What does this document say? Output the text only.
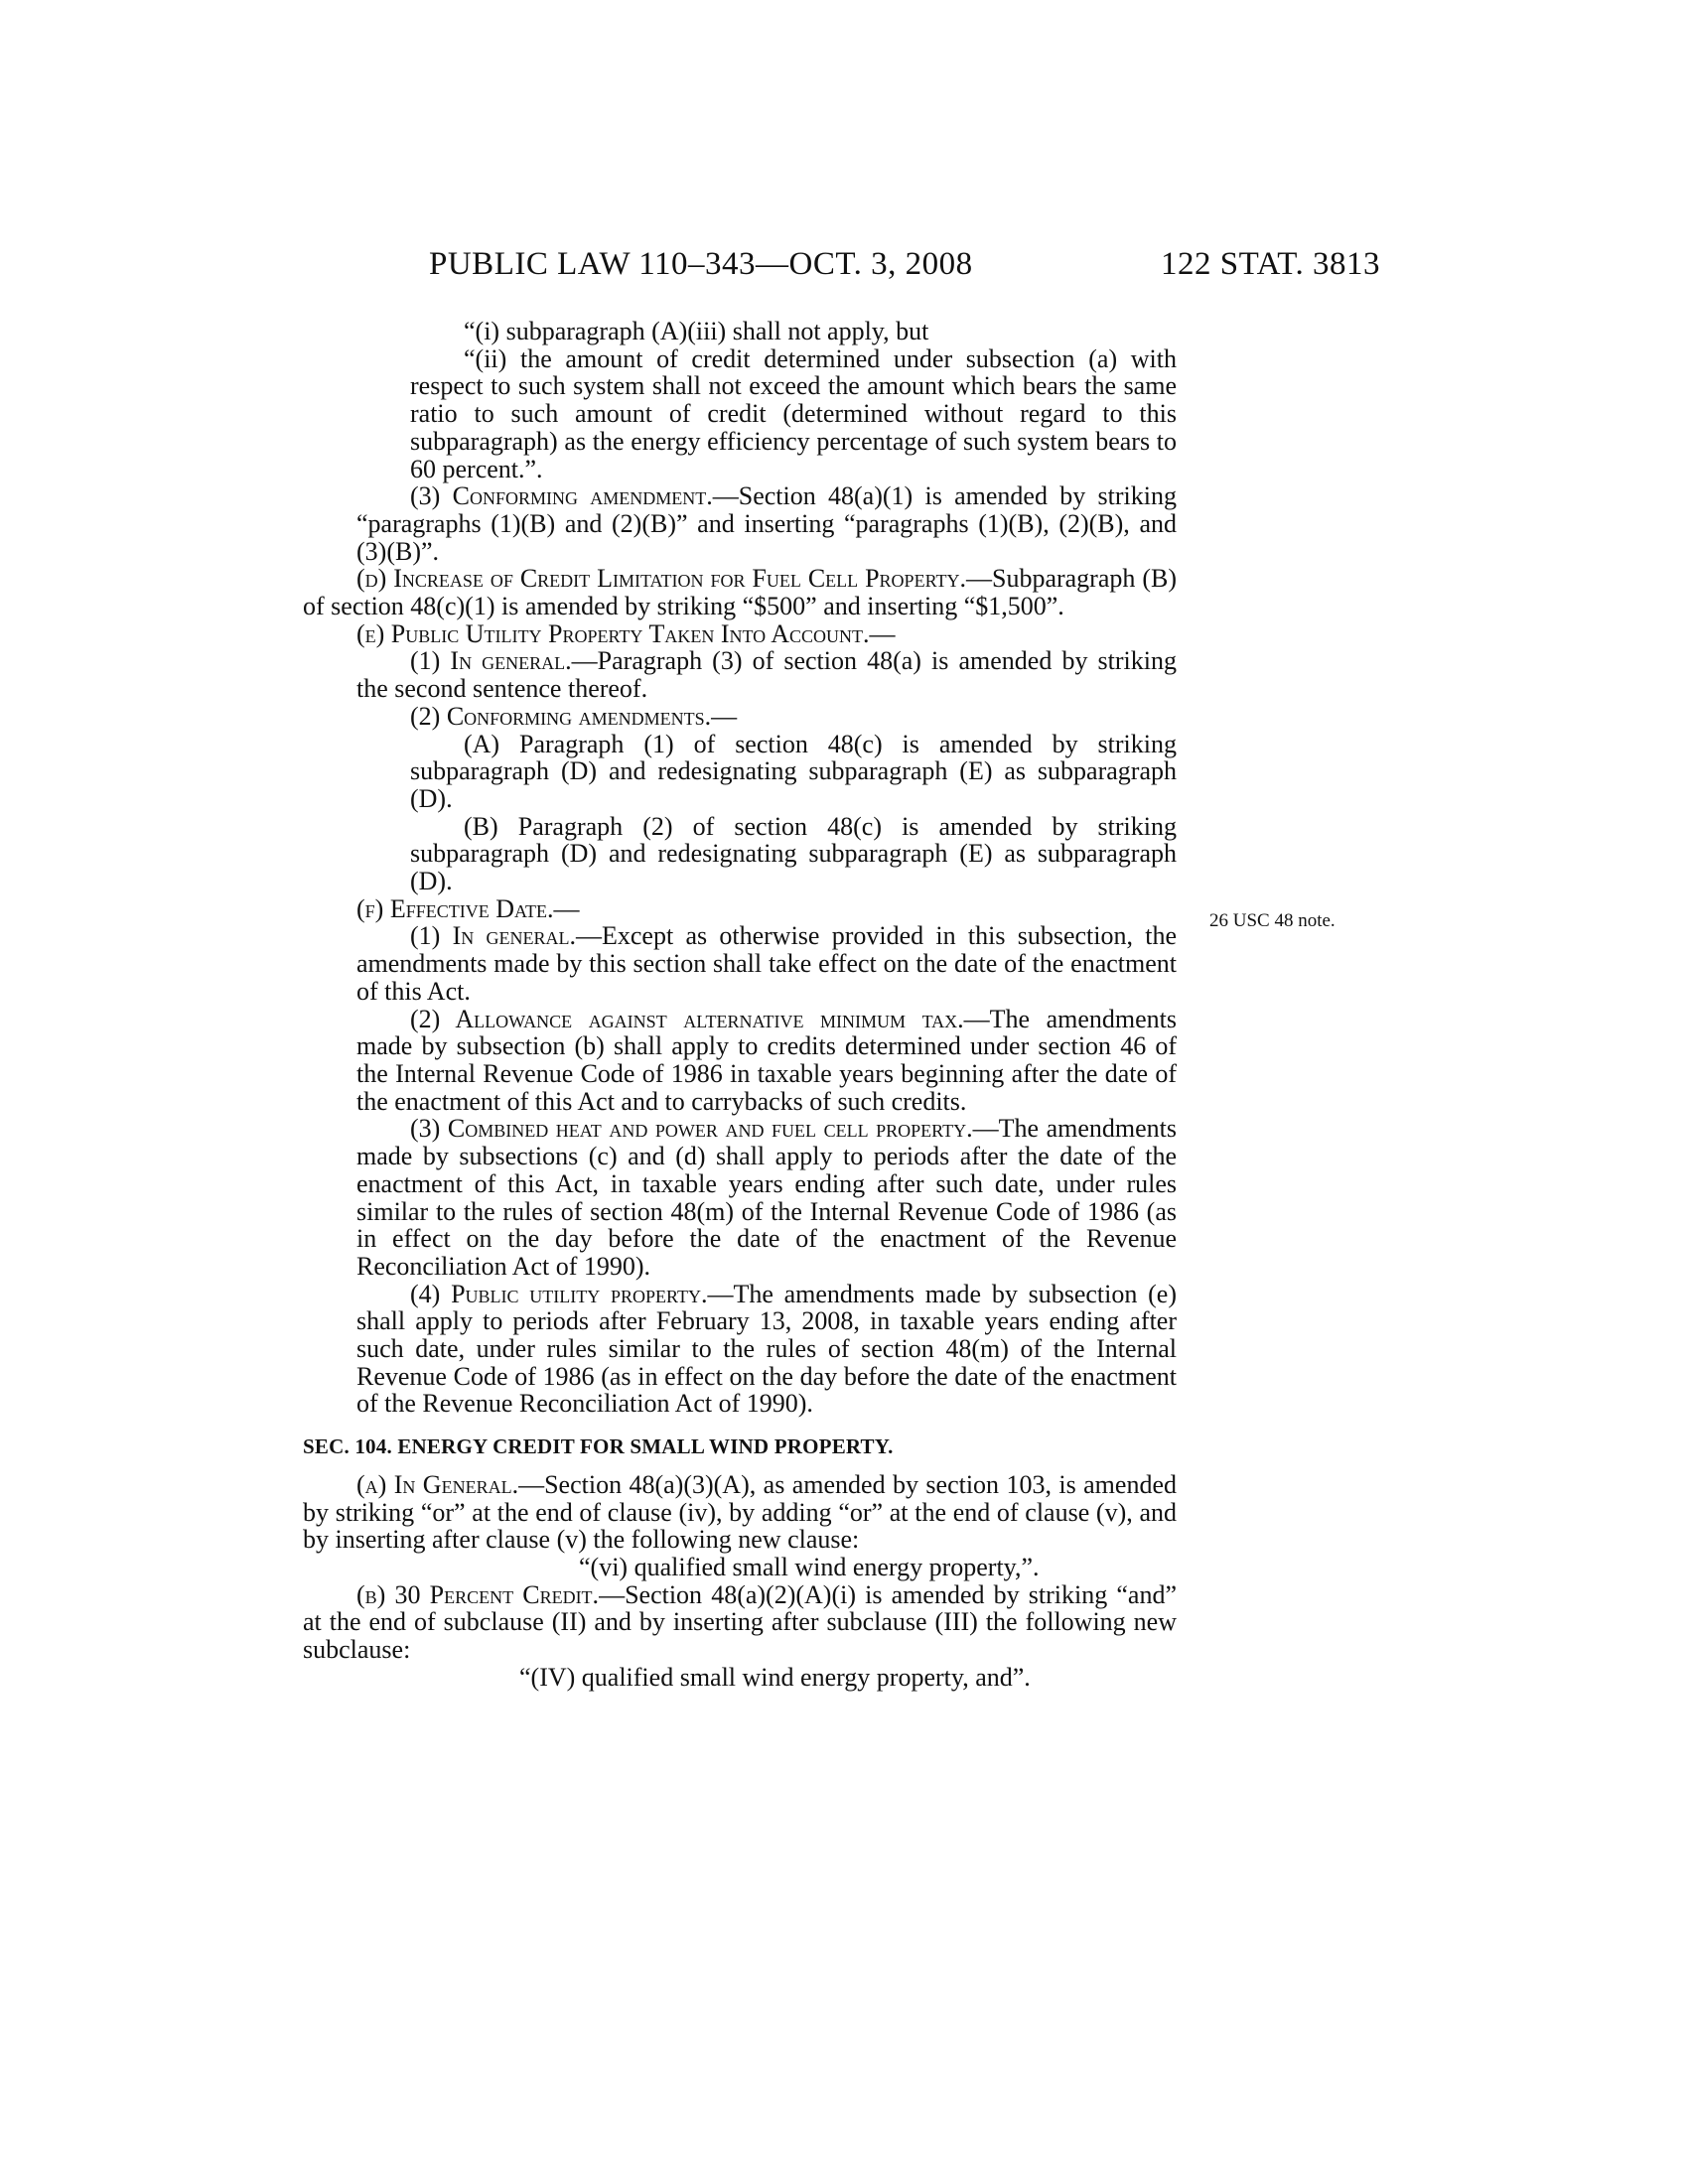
PUBLIC LAW 110–343—OCT. 3, 2008	122 STAT. 3813

“(i) subparagraph (A)(iii) shall not apply, but

“(ii) the amount of credit determined under subsection (a) with respect to such system shall not exceed the amount which bears the same ratio to such amount of credit (determined without regard to this subparagraph) as the energy efficiency percentage of such system bears to 60 percent.”.

(3) Conforming amendment.—Section 48(a)(1) is amended by striking “paragraphs (1)(B) and (2)(B)” and inserting “paragraphs (1)(B), (2)(B), and (3)(B)”.

(d) Increase of Credit Limitation for Fuel Cell Property.—Subparagraph (B) of section 48(c)(1) is amended by striking “$500” and inserting “$1,500”.

(e) Public Utility Property Taken Into Account.—

(1) In general.—Paragraph (3) of section 48(a) is amended by striking the second sentence thereof.

(2) Conforming amendments.—

(A) Paragraph (1) of section 48(c) is amended by striking subparagraph (D) and redesignating subparagraph (E) as subparagraph (D).

(B) Paragraph (2) of section 48(c) is amended by striking subparagraph (D) and redesignating subparagraph (E) as subparagraph (D).

(f) Effective Date.—

(1) In general.—Except as otherwise provided in this subsection, the amendments made by this section shall take effect on the date of the enactment of this Act.

(2) Allowance against alternative minimum tax.—The amendments made by subsection (b) shall apply to credits determined under section 46 of the Internal Revenue Code of 1986 in taxable years beginning after the date of the enactment of this Act and to carrybacks of such credits.

(3) Combined heat and power and fuel cell property.—The amendments made by subsections (c) and (d) shall apply to periods after the date of the enactment of this Act, in taxable years ending after such date, under rules similar to the rules of section 48(m) of the Internal Revenue Code of 1986 (as in effect on the day before the date of the enactment of the Revenue Reconciliation Act of 1990).

(4) Public utility property.—The amendments made by subsection (e) shall apply to periods after February 13, 2008, in taxable years ending after such date, under rules similar to the rules of section 48(m) of the Internal Revenue Code of 1986 (as in effect on the day before the date of the enactment of the Revenue Reconciliation Act of 1990).

SEC. 104. ENERGY CREDIT FOR SMALL WIND PROPERTY.

(a) In General.—Section 48(a)(3)(A), as amended by section 103, is amended by striking “or” at the end of clause (iv), by adding “or” at the end of clause (v), and by inserting after clause (v) the following new clause:

“(vi) qualified small wind energy property,”.

(b) 30 Percent Credit.—Section 48(a)(2)(A)(i) is amended by striking “and” at the end of subclause (II) and by inserting after subclause (III) the following new subclause:

“(IV) qualified small wind energy property, and”.

26 USC 48 note.
